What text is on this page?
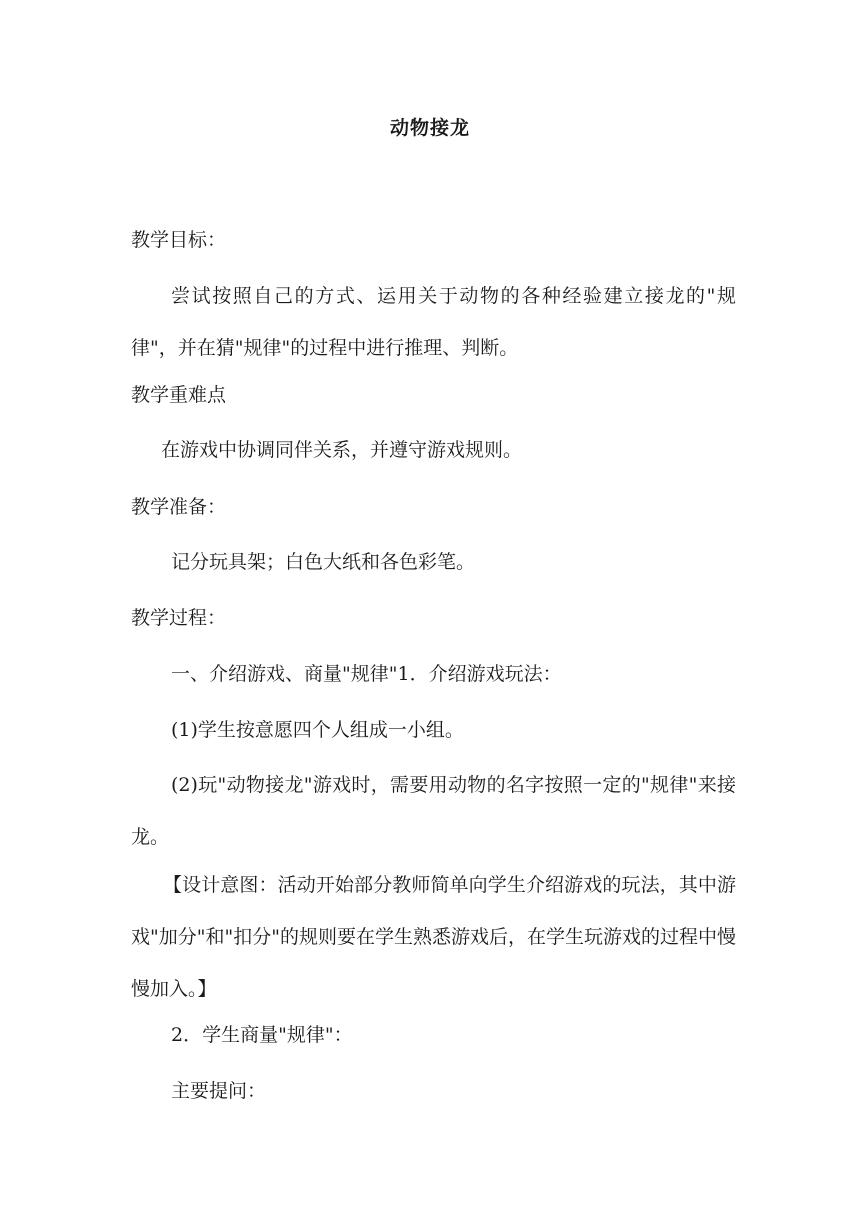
动物接龙
教学目标：
尝试按照自己的方式、运用关于动物的各种经验建立接龙的"规律"，并在猜"规律"的过程中进行推理、判断。
教学重难点
在游戏中协调同伴关系，并遵守游戏规则。
教学准备：
记分玩具架；白色大纸和各色彩笔。
教学过程：
一、介绍游戏、商量"规律"1．介绍游戏玩法：
(1)学生按意愿四个人组成一小组。
(2)玩"动物接龙"游戏时，需要用动物的名字按照一定的"规律"来接龙。
【设计意图：活动开始部分教师简单向学生介绍游戏的玩法，其中游戏"加分"和"扣分"的规则要在学生熟悉游戏后，在学生玩游戏的过程中慢慢加入。】
2．学生商量"规律"：
主要提问：
